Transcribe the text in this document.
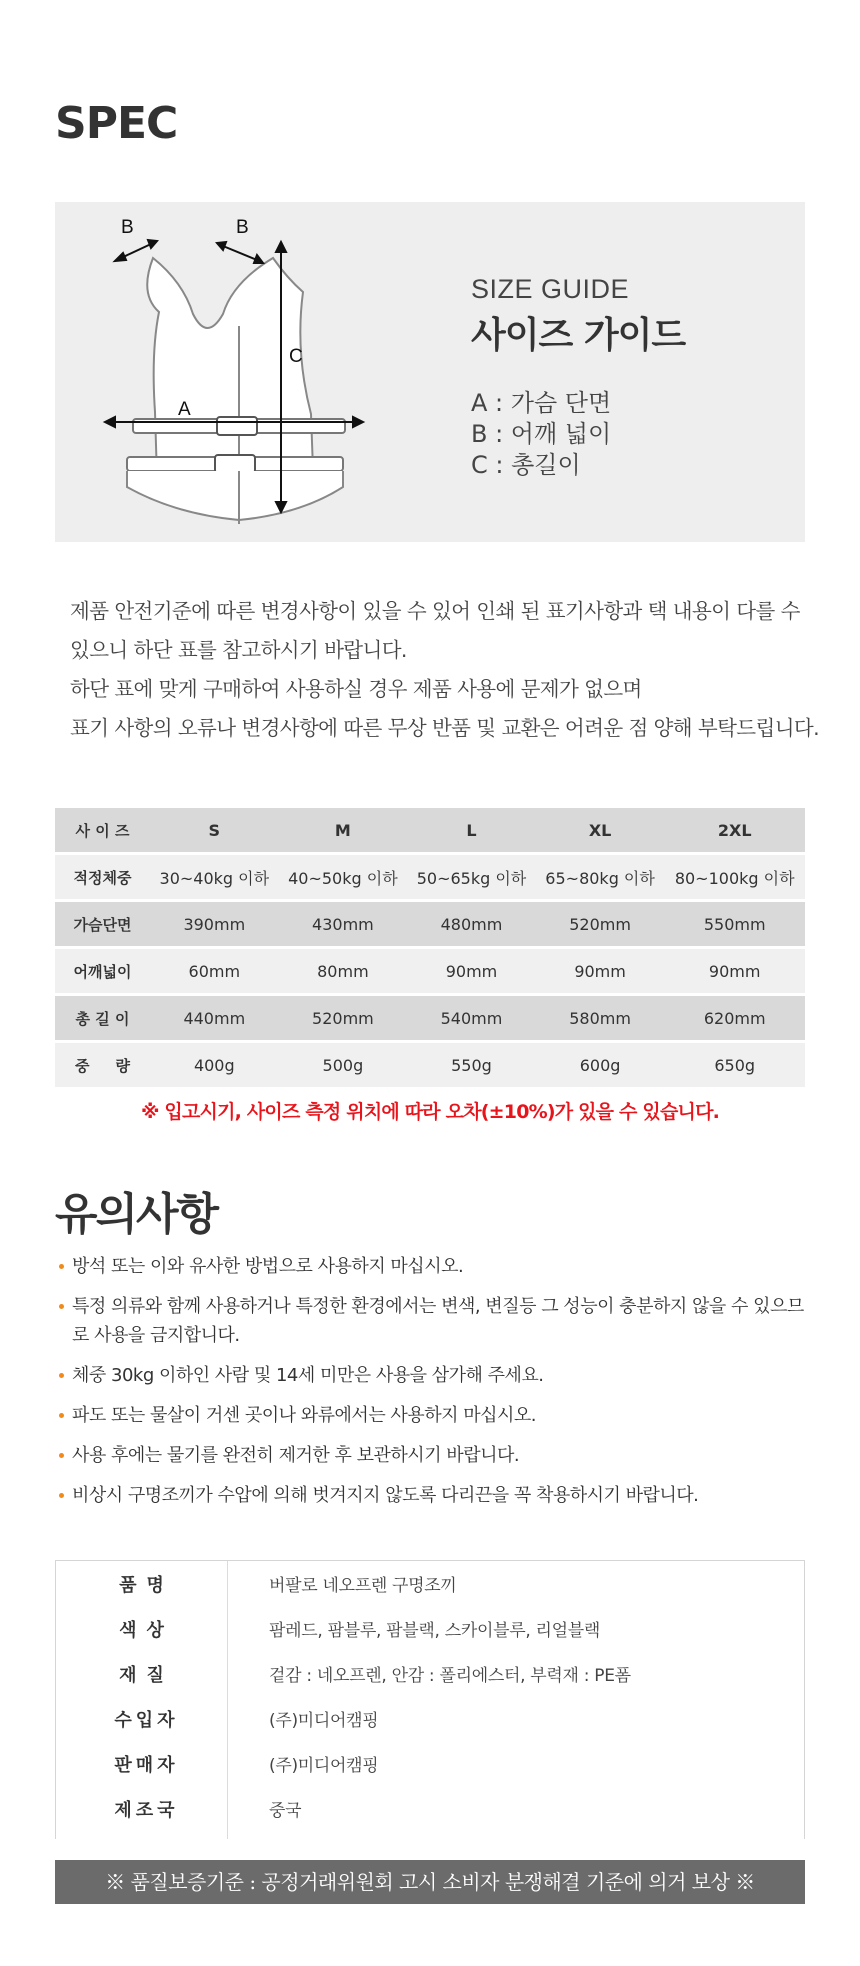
SPEC
B	B
A
C
SIZE GUIDE
사이즈 가이드
A : 가슴 단면
B : 어깨 넓이
C : 총길이
제품 안전기준에 따른 변경사항이 있을 수 있어 인쇄 된 표기사항과 택 내용이 다를 수
있으니 하단 표를 참고하시기 바랍니다.
하단 표에 맞게 구매하여 사용하실 경우 제품 사용에 문제가 없으며
표기 사항의 오류나 변경사항에 따른 무상 반품 및 교환은 어려운 점 양해 부탁드립니다.
사 이 즈	S	M	L	XL	2XL
적정체중	30~40kg 이하	40~50kg 이하	50~65kg 이하	65~80kg 이하	80~100kg 이하
가슴단면	390mm	430mm	480mm	520mm	550mm
어깨넓이	60mm	80mm	90mm	90mm	90mm
총 길 이	440mm	520mm	540mm	580mm	620mm
중     량	400g	500g	550g	600g	650g
※ 입고시기, 사이즈 측정 위치에 따라 오차(±10%)가 있을 수 있습니다.
유의사항
방석 또는 이와 유사한 방법으로 사용하지 마십시오.
특정 의류와 함께 사용하거나 특정한 환경에서는 변색, 변질등 그 성능이 충분하지 않을 수 있으므로 사용을 금지합니다.
체중 30kg 이하인 사람 및 14세 미만은 사용을 삼가해 주세요.
파도 또는 물살이 거센 곳이나 와류에서는 사용하지 마십시오.
사용 후에는 물기를 완전히 제거한 후 보관하시기 바랍니다.
비상시 구명조끼가 수압에 의해 벗겨지지 않도록 다리끈을 꼭 착용하시기 바랍니다.
품명	버팔로 네오프렌 구명조끼
색상	팜레드, 팜블루, 팜블랙, 스카이블루, 리얼블랙
재질	겉감 : 네오프렌, 안감 : 폴리에스터, 부력재 : PE폼
수입자	(주)미디어캠핑
판매자	(주)미디어캠핑
제조국	중국
※ 품질보증기준 : 공정거래위원회 고시 소비자 분쟁해결 기준에 의거 보상 ※
